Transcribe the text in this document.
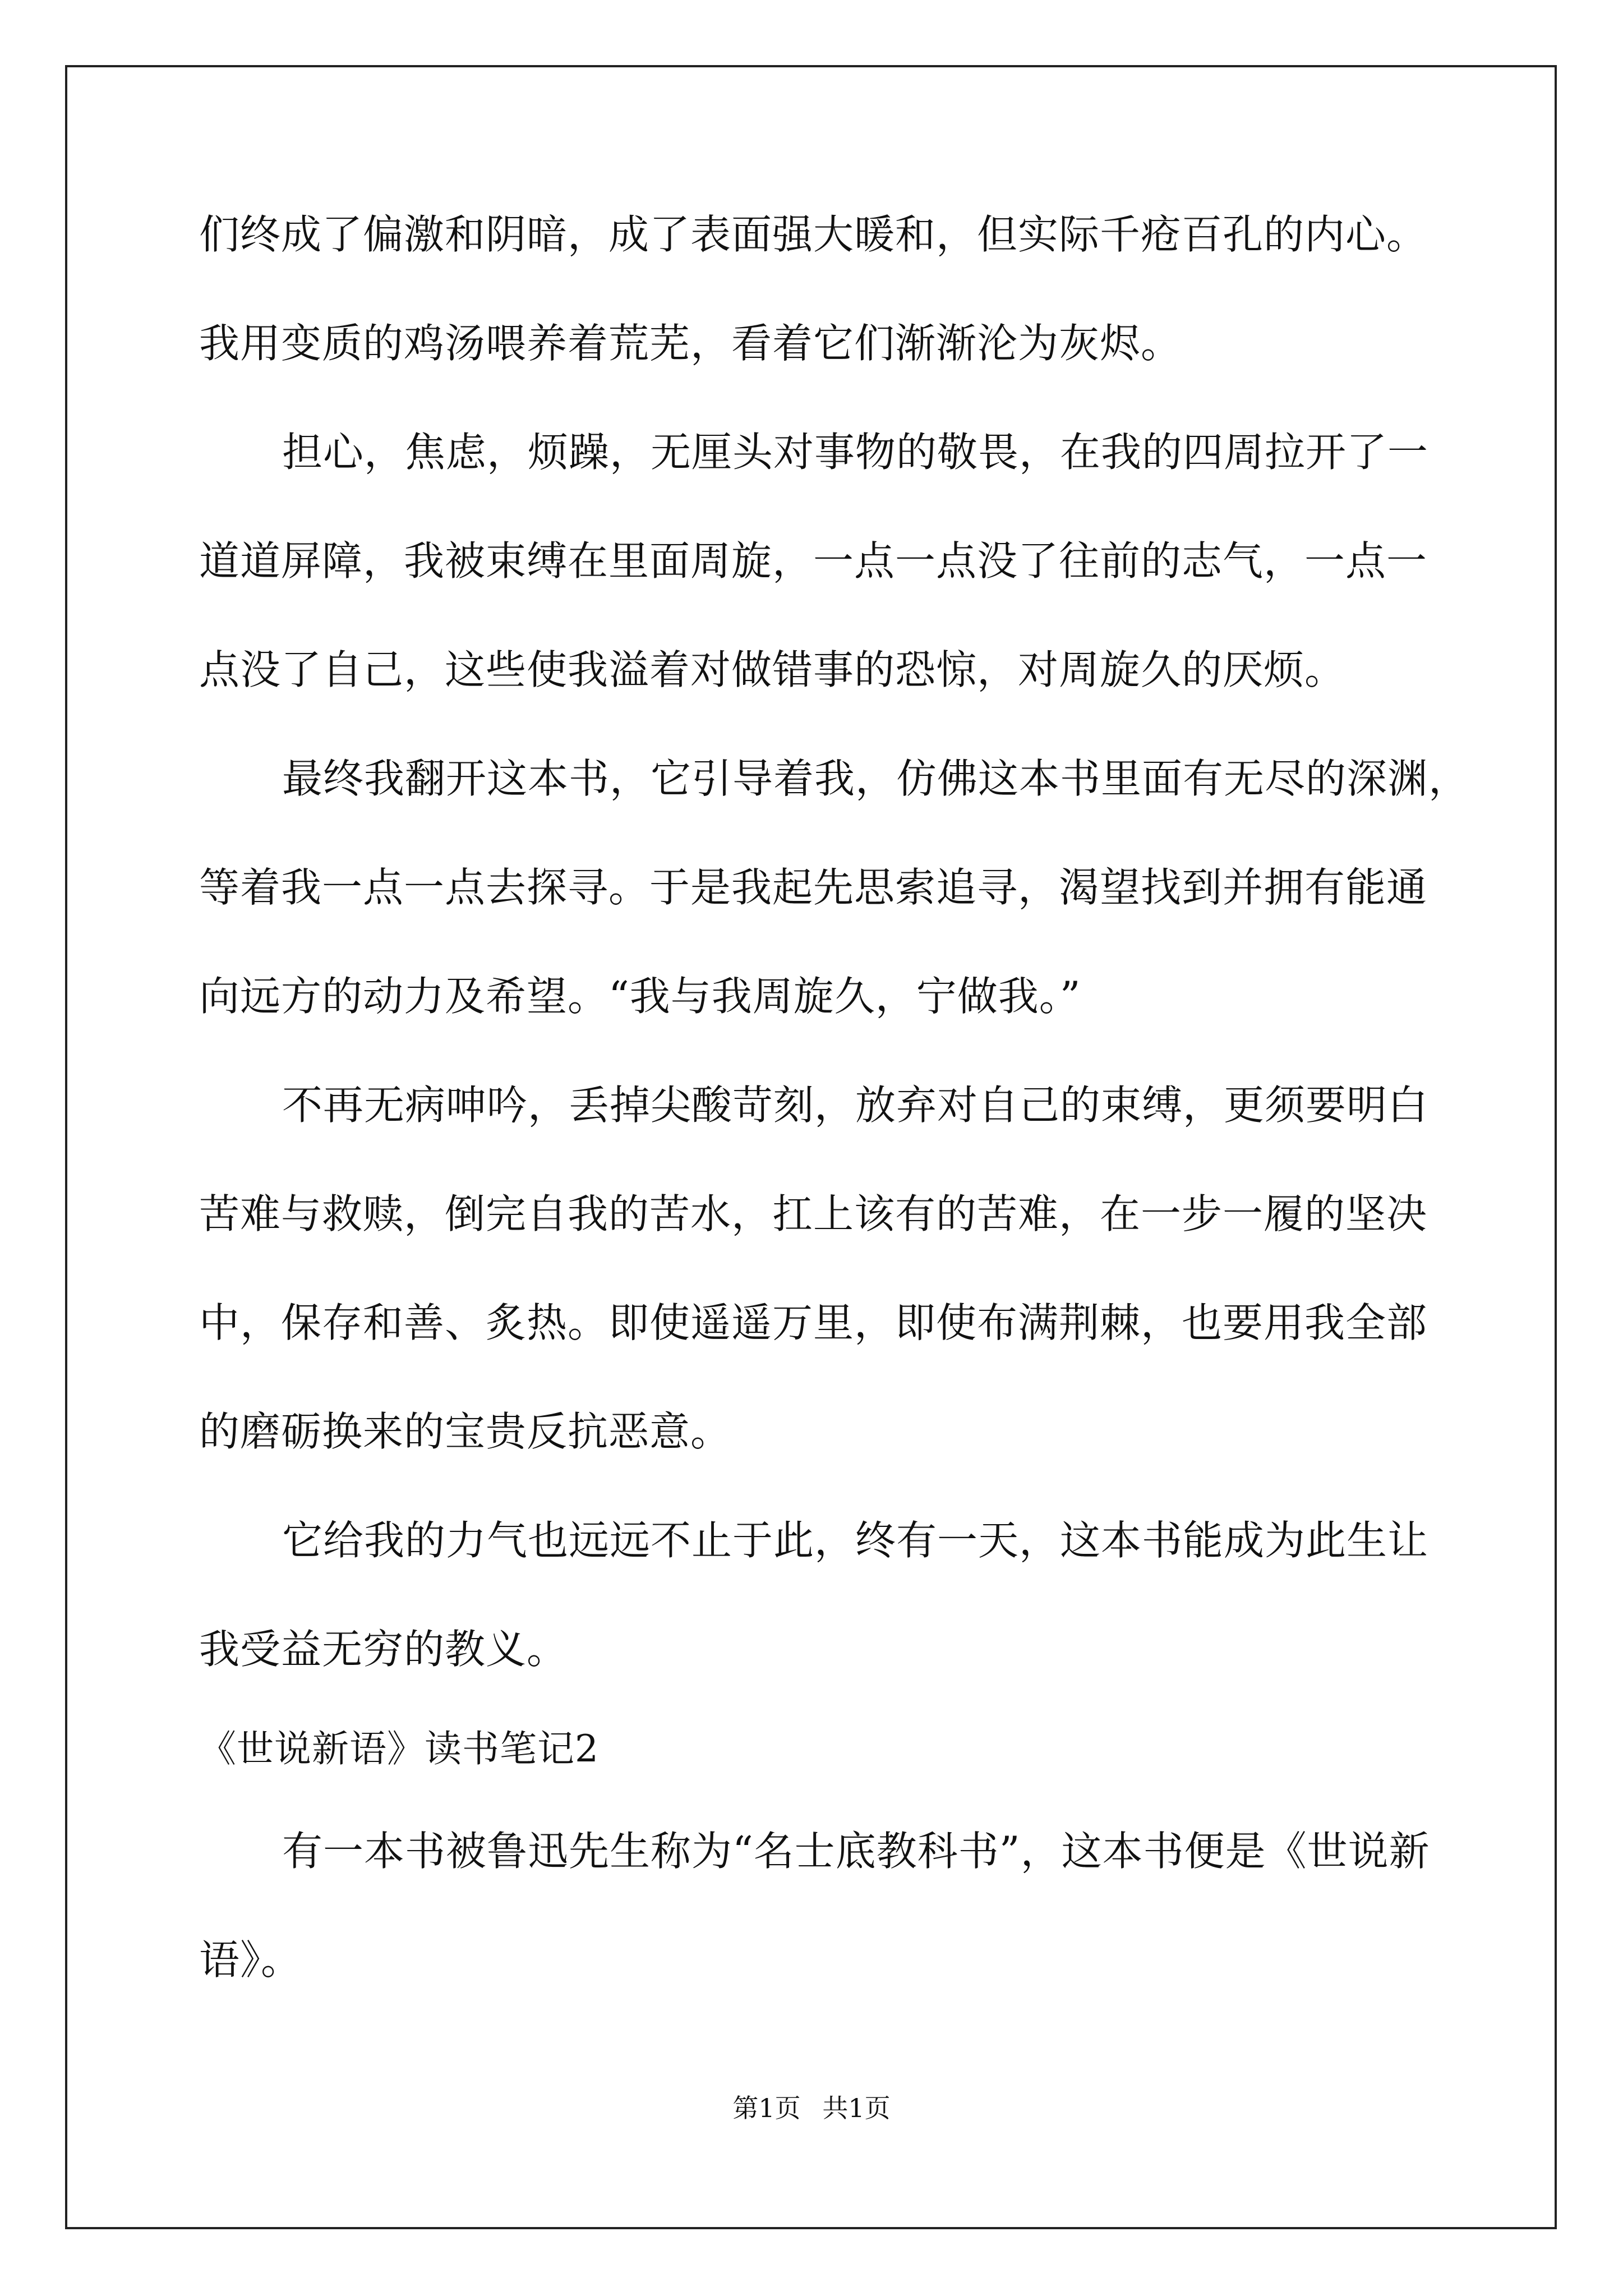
们终成了偏激和阴暗，成了表面强大暖和，但实际千疮百孔的内心。
我用变质的鸡汤喂养着荒芜，看着它们渐渐沦为灰烬。
担心，焦虑，烦躁，无厘头对事物的敬畏，在我的四周拉开了一
道道屏障，我被束缚在里面周旋，一点一点没了往前的志气，一点一
点没了自己，这些使我溢着对做错事的恐惊，对周旋久的厌烦。
最终我翻开这本书，它引导着我，仿佛这本书里面有无尽的深渊，
等着我一点一点去探寻。于是我起先思索追寻，渴望找到并拥有能通
向远方的动力及希望。“我与我周旋久，宁做我。”
不再无病呻吟，丢掉尖酸苛刻，放弃对自己的束缚，更须要明白
苦难与救赎，倒完自我的苦水，扛上该有的苦难，在一步一履的坚决
中，保存和善、炙热。即使遥遥万里，即使布满荆棘，也要用我全部
的磨砺换来的宝贵反抗恶意。
它给我的力气也远远不止于此，终有一天，这本书能成为此生让
我受益无穷的教义。
《世说新语》读书笔记2
有一本书被鲁迅先生称为“名士底教科书”，这本书便是《世说新
语》。
第1页 共1页
